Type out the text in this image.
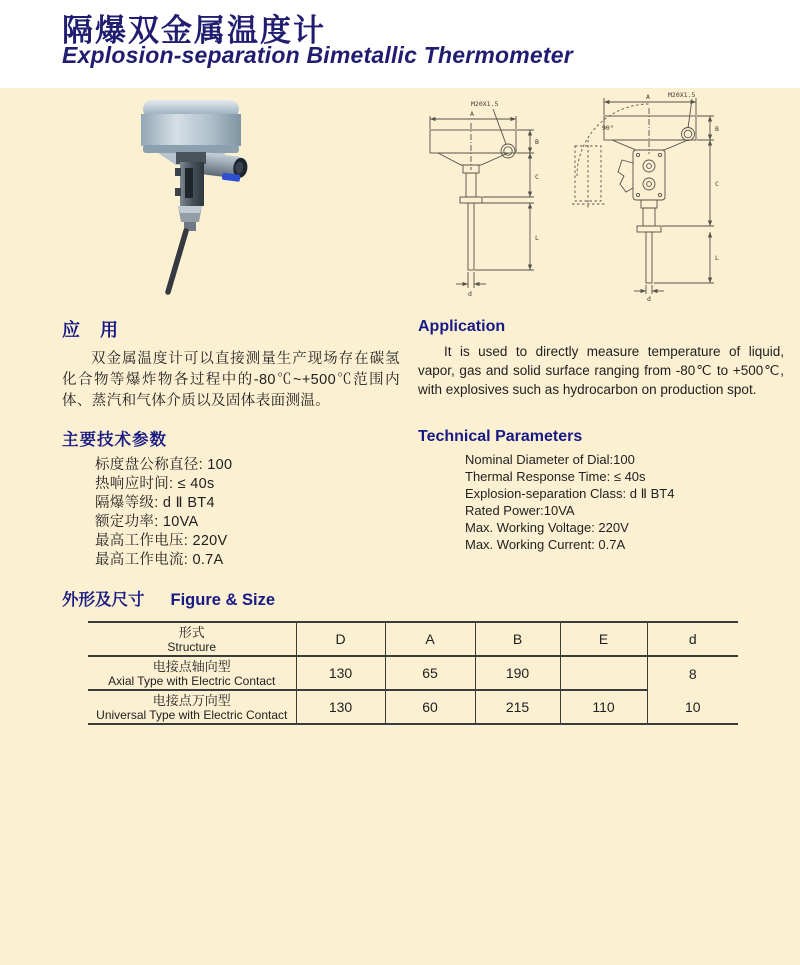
隔爆双金属温度计
Explosion-separation Bimetallic Thermometer
M20X1.5
A
B
C
L
d
90°
M20X1.5
A
B
C
L
d
应　用

双金属温度计可以直接测量生产现场存在碳氢化合物等爆炸物各过程中的-80℃~+500℃范围内体、蒸汽和气体介质以及固体表面测温。

Application

It is used to directly measure temperature of liquid, vapor, gas and solid surface ranging from -80℃ to +500℃, with explosives such as hydrocarbon on production spot.

主要技术参数
标度盘公称直径: 100
热响应时间: ≤ 40s
隔爆等级: d Ⅱ BT4
额定功率: 10VA
最高工作电压: 220V
最高工作电流: 0.7A
Technical Parameters
Nominal Diameter of Dial:100
Thermal Response Time: ≤ 40s
Explosion-separation Class: d Ⅱ BT4
Rated Power:10VA
Max. Working Voltage: 220V
Max. Working Current: 0.7A
外形及尺寸 Figure & Size
形式
Structure	D	A	B	E	d

电接点轴向型
Axial Type with Electric Contact	130	65	190		8

电接点万向型
Universal Type with Electric Contact	130	60	215	110	10
